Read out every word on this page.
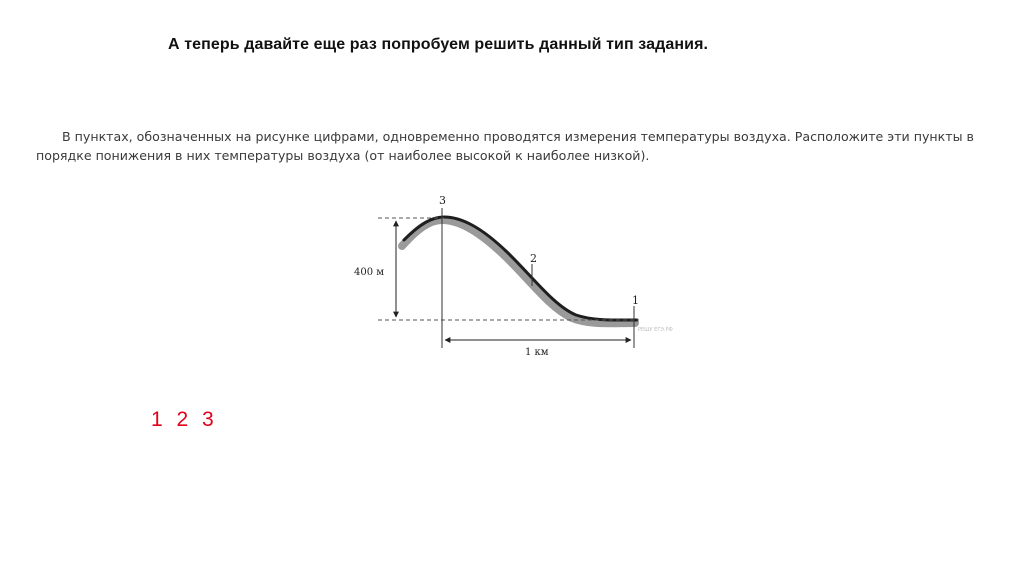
А теперь давайте еще раз попробуем решить данный тип задания.
В пунктах, обозначенных на рисунке цифрами, одновременно проводятся измерения температуры воздуха. Расположите эти пункты в порядке понижения в них температуры воздуха (от наиболее высокой к наиболее низкой).
3
2
1
400 м
1 км
РЕШУ ЕГЭ.РФ
1 2 3
